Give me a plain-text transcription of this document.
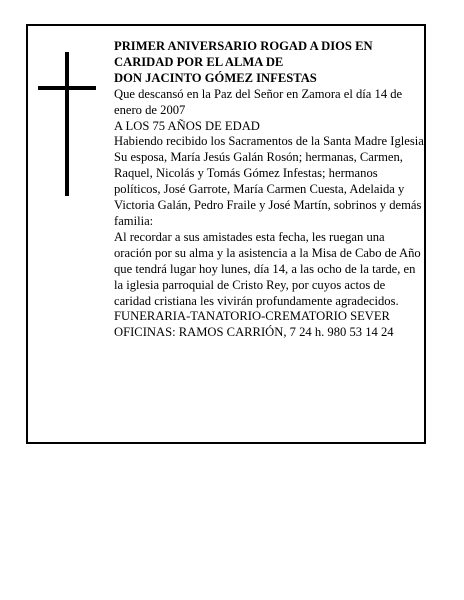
PRIMER ANIVERSARIO ROGAD A DIOS EN CARIDAD POR EL ALMA DE

DON JACINTO GÓMEZ INFESTAS

Que descansó en la Paz del Señor en Zamora el día 14 de enero de 2007

A LOS 75 AÑOS DE EDAD

Habiendo recibido los Sacramentos de la Santa Madre Iglesia

Su esposa, María Jesús Galán Rosón; hermanas, Carmen, Raquel, Nicolás y Tomás Gómez Infestas; hermanos políticos, José Garrote, María Carmen Cuesta, Adelaida y Victoria Galán, Pedro Fraile y José Martín, sobrinos y demás familia:

Al recordar a sus amistades esta fecha, les ruegan una oración por su alma y la asistencia a la Misa de Cabo de Año que tendrá lugar hoy lunes, día 14, a las ocho de la tarde, en la iglesia parroquial de Cristo Rey, por cuyos actos de caridad cristiana les vivirán profundamente agradecidos.

FUNERARIA-TANATORIO-CREMATORIO SEVER

OFICINAS: RAMOS CARRIÓN, 7 24 h. 980 53 14 24
